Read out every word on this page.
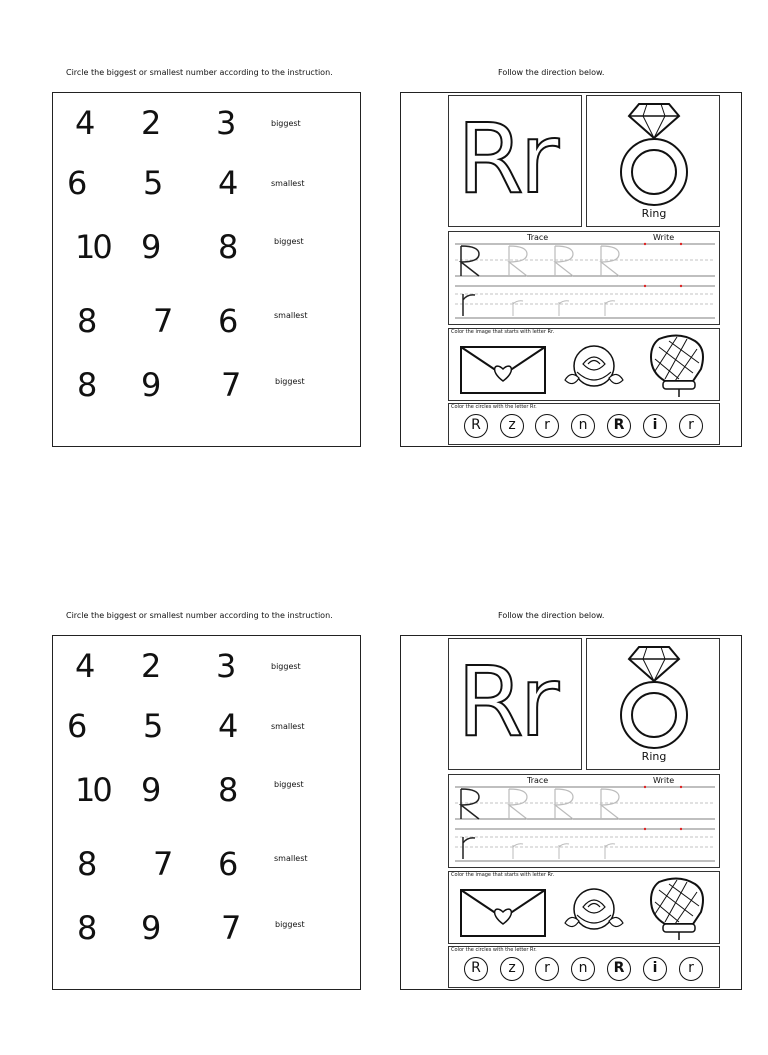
Circle the biggest or smallest number according to the instruction.	Follow the direction below.
4 2 3	biggest
6 5 4	smallest
10 9 8	biggest
8 7 6	smallest
8 9 7	biggest
Rr	Ring
Trace	Write
Color the image that starts with letter Rr.
Color the circles with the letter Rr.
R	z	r	n	R	i	r
Circle the biggest or smallest number according to the instruction.	Follow the direction below.
4 2 3	biggest
6 5 4	smallest
10 9 8	biggest
8 7 6	smallest
8 9 7	biggest
Rr	Ring
Trace	Write
Color the image that starts with letter Rr.
Color the circles with the letter Rr.
R	z	r	n	R	i	r
